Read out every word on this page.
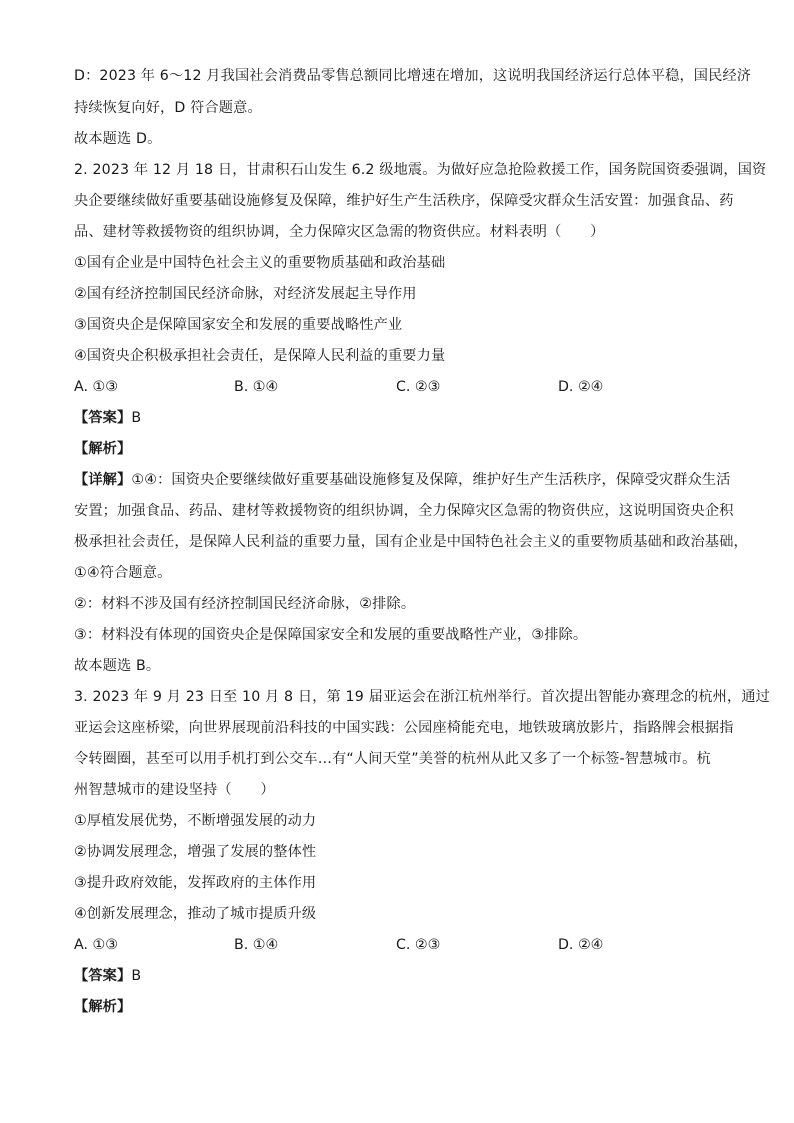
D：2023 年 6～12 月我国社会消费品零售总额同比增速在增加，这说明我国经济运行总体平稳，国民经济
持续恢复向好，D 符合题意。
故本题选 D。
2. 2023 年 12 月 18 日，甘肃积石山发生 6.2 级地震。为做好应急抢险救援工作，国务院国资委强调，国资
央企要继续做好重要基础设施修复及保障，维护好生产生活秩序，保障受灾群众生活安置：加强食品、药
品、建材等救援物资的组织协调，全力保障灾区急需的物资供应。材料表明（　　）
①国有企业是中国特色社会主义的重要物质基础和政治基础
②国有经济控制国民经济命脉，对经济发展起主导作用
③国资央企是保障国家安全和发展的重要战略性产业
④国资央企积极承担社会责任，是保障人民利益的重要力量
A. ①③	B. ①④	C. ②③	D. ②④
【答案】B
【解析】
【详解】①④：国资央企要继续做好重要基础设施修复及保障，维护好生产生活秩序，保障受灾群众生活
安置；加强食品、药品、建材等救援物资的组织协调，全力保障灾区急需的物资供应，这说明国资央企积
极承担社会责任，是保障人民利益的重要力量，国有企业是中国特色社会主义的重要物质基础和政治基础，
①④符合题意。
②：材料不涉及国有经济控制国民经济命脉，②排除。
③：材料没有体现的国资央企是保障国家安全和发展的重要战略性产业，③排除。
故本题选 B。
3. 2023 年 9 月 23 日至 10 月 8 日，第 19 届亚运会在浙江杭州举行。首次提出智能办赛理念的杭州，通过
亚运会这座桥梁，向世界展现前沿科技的中国实践：公园座椅能充电，地铁玻璃放影片，指路牌会根据指
令转圈圈，甚至可以用手机打到公交车…有“人间天堂”美誉的杭州从此又多了一个标签-智慧城市。杭
州智慧城市的建设坚持（　　）
①厚植发展优势，不断增强发展的动力
②协调发展理念，增强了发展的整体性
③提升政府效能，发挥政府的主体作用
④创新发展理念，推动了城市提质升级
A. ①③	B. ①④	C. ②③	D. ②④
【答案】B
【解析】
